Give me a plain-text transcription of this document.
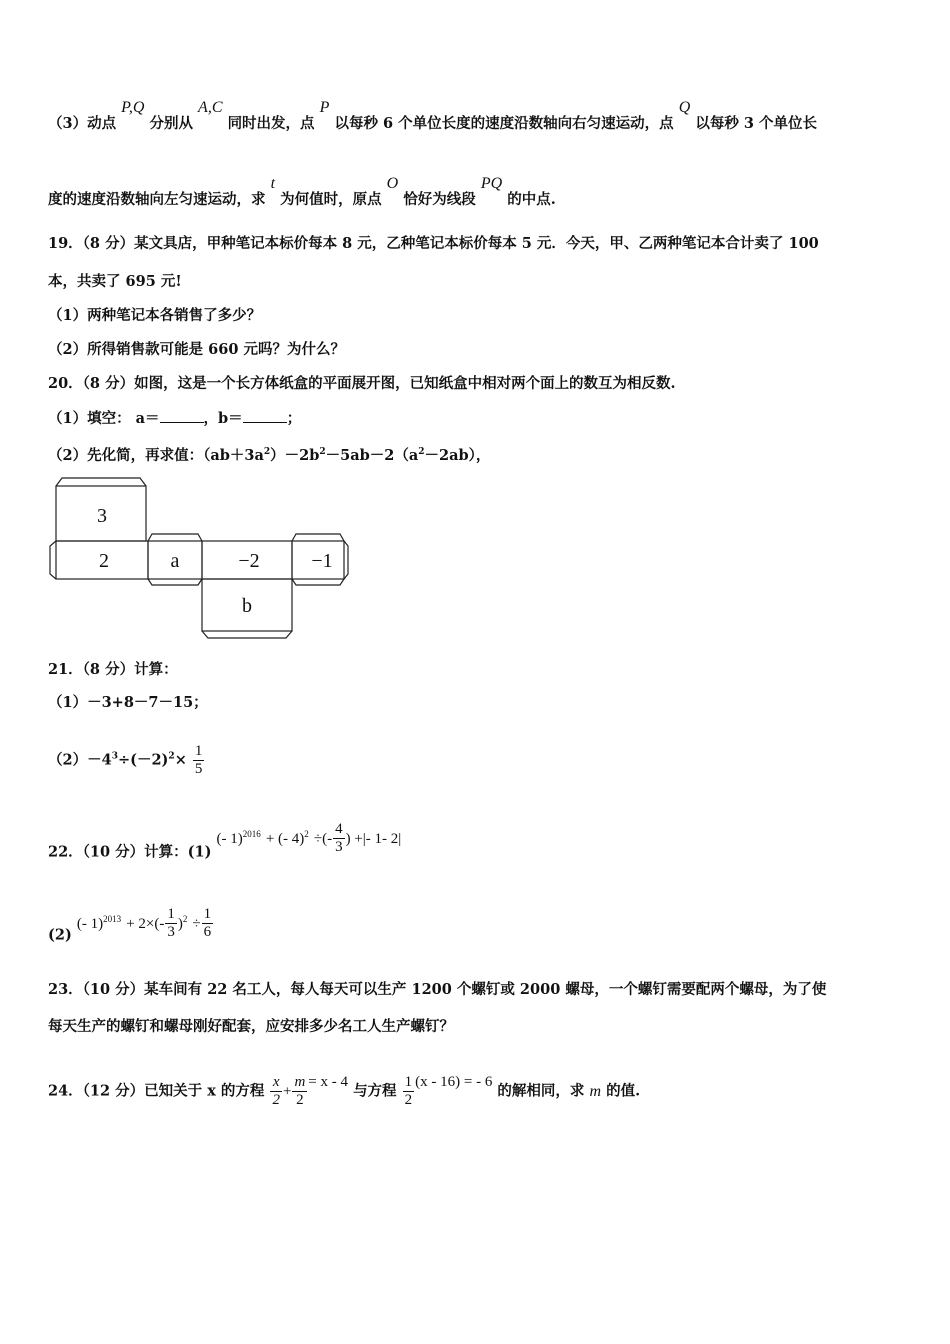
（3）动点 P,Q 分别从 A,C 同时出发，点 P 以每秒 6 个单位长度的速度沿数轴向右匀速运动，点 Q 以每秒 3 个单位长
度的速度沿数轴向左匀速运动，求 t 为何值时，原点 O 恰好为线段 PQ 的中点.
19．（8 分）某文具店，甲种笔记本标价每本 8 元，乙种笔记本标价每本 5 元．今天，甲、乙两种笔记本合计卖了 100
本，共卖了 695 元!
（1）两种笔记本各销售了多少？
（2）所得销售款可能是 660 元吗？为什么？
20．（8 分）如图，这是一个长方体纸盒的平面展开图，已知纸盒中相对两个面上的数互为相反数.
（1）填空： a＝	，b＝	；
（2）先化简，再求值：$(ab+3a^2)-2b^2-5ab-2(a^2-2ab)$，
3
2	a	−2	−1
b
21．（8 分）计算：
（1）－3+8－7－15；
$(2)-4^3\div(-2)^2\times \frac{1}{5}$
22．（10 分）计算：(1) (- 1)$^{2016}$ + (- 4)$^2$ ÷(- $\frac{4}{3}$ ) +|- 1- 2|
(2) (- $1)^{2013} + 2\times(- \frac{1}{3} )^2 \div \frac{1}{6}$
23．（10 分）某车间有 22 名工人，每人每天可以生产 1200 个螺钉或 2000 螺母，一个螺钉需要配两个螺母，为了使
每天生产的螺钉和螺母刚好配套，应安排多少名工人生产螺钉？
24．（12 分）已知关于 x 的方程 $\frac{x}{2} + \frac{m}{2} = x - 4$ 与方程 $\frac{1}{2} (x - 16)$ = - 6 的解相同，求 m 的值.
